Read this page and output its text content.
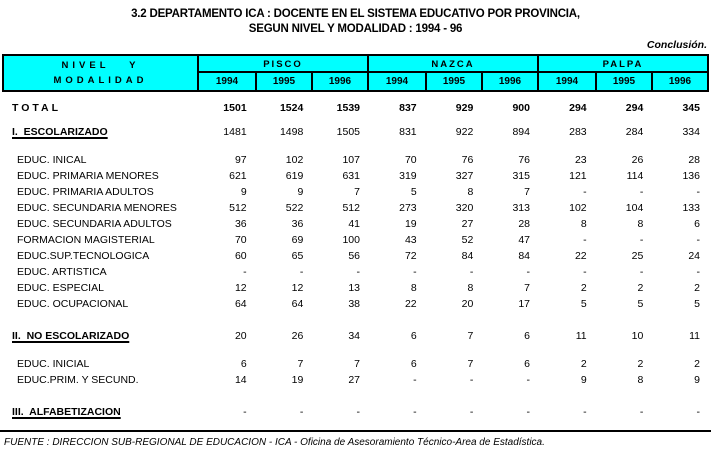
3.2 DEPARTAMENTO ICA : DOCENTE EN EL SISTEMA EDUCATIVO POR PROVINCIA,
SEGUN NIVEL Y MODALIDAD : 1994 - 96
Conclusión.
NIVEL   Y
MODALIDAD
PISCO
1994	1995	1996
NAZCA
1994	1995	1996
PALPA
1994	1995	1996
TOTAL	1501	1524	1539	837	929	900	294	294	345
I.  ESCOLARIZADO	1481	1498	1505	831	922	894	283	284	334
EDUC. INICAL	97	102	107	70	76	76	23	26	28
EDUC. PRIMARIA MENORES	621	619	631	319	327	315	121	114	136
EDUC. PRIMARIA ADULTOS	9	9	7	5	8	7	-	-	-
EDUC. SECUNDARIA MENORES	512	522	512	273	320	313	102	104	133
EDUC. SECUNDARIA ADULTOS	36	36	41	19	27	28	8	8	6
FORMACION MAGISTERIAL	70	69	100	43	52	47	-	-	-
EDUC.SUP.TECNOLOGICA	60	65	56	72	84	84	22	25	24
EDUC. ARTISTICA	-	-	-	-	-	-	-	-	-
EDUC. ESPECIAL	12	12	13	8	8	7	2	2	2
EDUC. OCUPACIONAL	64	64	38	22	20	17	5	5	5
II.  NO ESCOLARIZADO	20	26	34	6	7	6	11	10	11
EDUC. INICIAL	6	7	7	6	7	6	2	2	2
EDUC.PRIM. Y SECUND.	14	19	27	-	-	-	9	8	9
III.  ALFABETIZACION	-	-	-	-	-	-	-	-	-
FUENTE : DIRECCION SUB-REGIONAL DE EDUCACION - ICA - Oficina de Asesoramiento Técnico-Area de Estadística.
